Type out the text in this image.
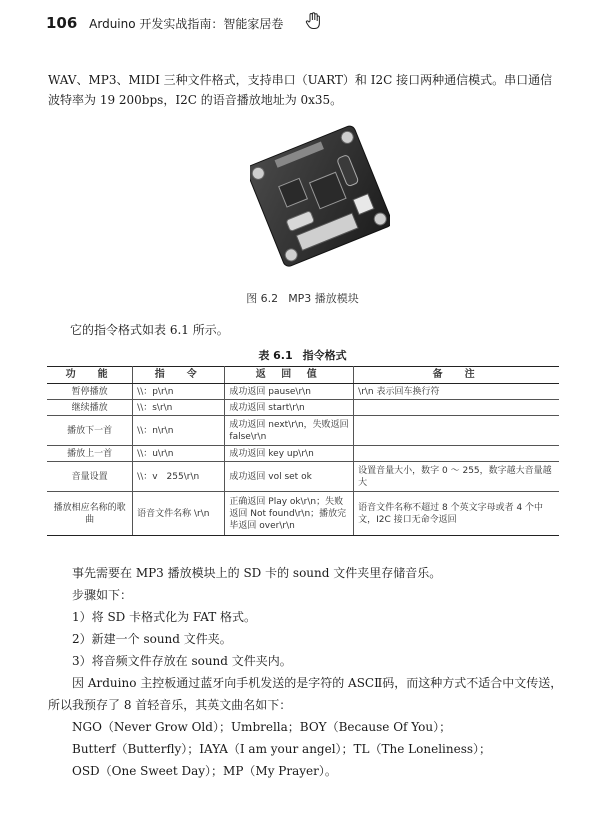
106 Arduino 开发实战指南：智能家居卷
WAV、MP3、MIDI 三种文件格式，支持串口（UART）和 I2C 接口两种通信模式。串口通信波特率为 19 200bps，I2C 的语音播放地址为 0x35。
图 6.2 MP3 播放模块
它的指令格式如表 6.1 所示。
表 6.1 指令格式
功　能	指　令	返 回 值	备　注
暂停播放	\\：p\r\n	成功返回 pause\r\n	\r\n 表示回车换行符
继续播放	\\：s\r\n	成功返回 start\r\n	
播放下一首	\\：n\r\n	成功返回 next\r\n，失败返回 false\r\n	
播放上一首	\\：u\r\n	成功返回 key up\r\n	
音量设置	\\：v　255\r\n	成功返回 vol set ok	设置音量大小，数字 0 ～ 255，数字越大音量越大
播放相应名称的歌曲	语音文件名称 \r\n	正确返回 Play ok\r\n；失败返回 Not found\r\n；播放完毕返回 over\r\n	语音文件名称不超过 8 个英文字母或者 4 个中文，I2C 接口无命令返回

事先需要在 MP3 播放模块上的 SD 卡的 sound 文件夹里存储音乐。

步骤如下：

1）将 SD 卡格式化为 FAT 格式。

2）新建一个 sound 文件夹。

3）将音频文件存放在 sound 文件夹内。

因 Arduino 主控板通过蓝牙向手机发送的是字符的 ASCⅡ码，而这种方式不适合中文传送，所以我预存了 8 首轻音乐，其英文曲名如下：

NGO（Never Grow Old）；Umbrella；BOY（Because Of You）；

Butterf（Butterfly）；IAYA（I am your angel）；TL（The Loneliness）；

OSD（One Sweet Day）；MP（My Prayer）。
